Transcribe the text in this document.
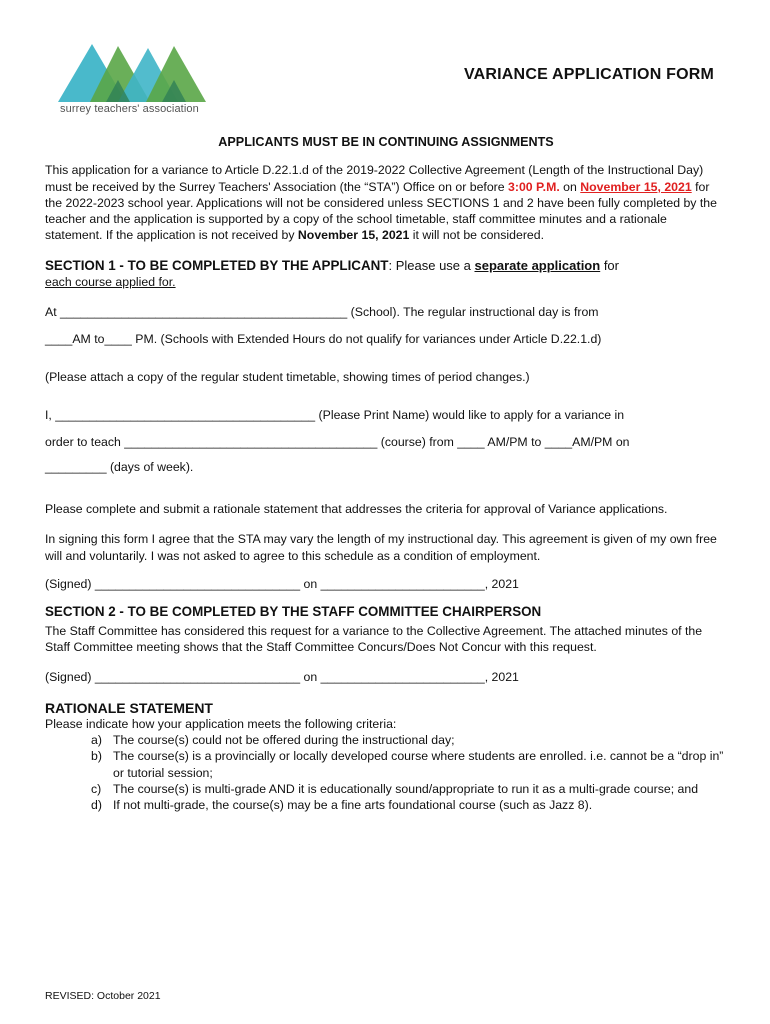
surrey teachers' association
VARIANCE APPLICATION FORM

APPLICANTS MUST BE IN CONTINUING ASSIGNMENTS

This application for a variance to Article D.22.1.d of the 2019-2022 Collective Agreement (Length of the Instructional Day) must be received by the Surrey Teachers' Association (the “STA”) Office on or before 3:00 P.M. on November 15, 2021 for the 2022-2023 school year. Applications will not be considered unless SECTIONS 1 and 2 have been fully completed by the teacher and the application is supported by a copy of the school timetable, staff committee minutes and a rationale statement. If the application is not received by November 15, 2021 it will not be considered.

SECTION 1 - TO BE COMPLETED BY THE APPLICANT: Please use a separate application for

each course applied for.

At __________________________________________ (School). The regular instructional day is from

____AM to____ PM. (Schools with Extended Hours do not qualify for variances under Article D.22.1.d)

(Please attach a copy of the regular student timetable, showing times of period changes.)

I, ______________________________________ (Please Print Name) would like to apply for a variance in

order to teach _____________________________________ (course) from ____ AM/PM to ____AM/PM on

_________ (days of week).

Please complete and submit a rationale statement that addresses the criteria for approval of Variance applications.

In signing this form I agree that the STA may vary the length of my instructional day. This agreement is given of my own free will and voluntarily. I was not asked to agree to this schedule as a condition of employment.

(Signed) ______________________________ on ________________________, 2021

SECTION 2 - TO BE COMPLETED BY THE STAFF COMMITTEE CHAIRPERSON

The Staff Committee has considered this request for a variance to the Collective Agreement. The attached minutes of the Staff Committee meeting shows that the Staff Committee Concurs/Does Not Concur with this request.

(Signed) ______________________________ on ________________________, 2021

RATIONALE STATEMENT

Please indicate how your application meets the following criteria:

a) The course(s) could not be offered during the instructional day;
b) The course(s) is a provincially or locally developed course where students are enrolled. i.e. cannot be a “drop in” or tutorial session;
c) The course(s) is multi-grade AND it is educationally sound/appropriate to run it as a multi-grade course; and
d) If not multi-grade, the course(s) may be a fine arts foundational course (such as Jazz 8).
REVISED: October 2021
